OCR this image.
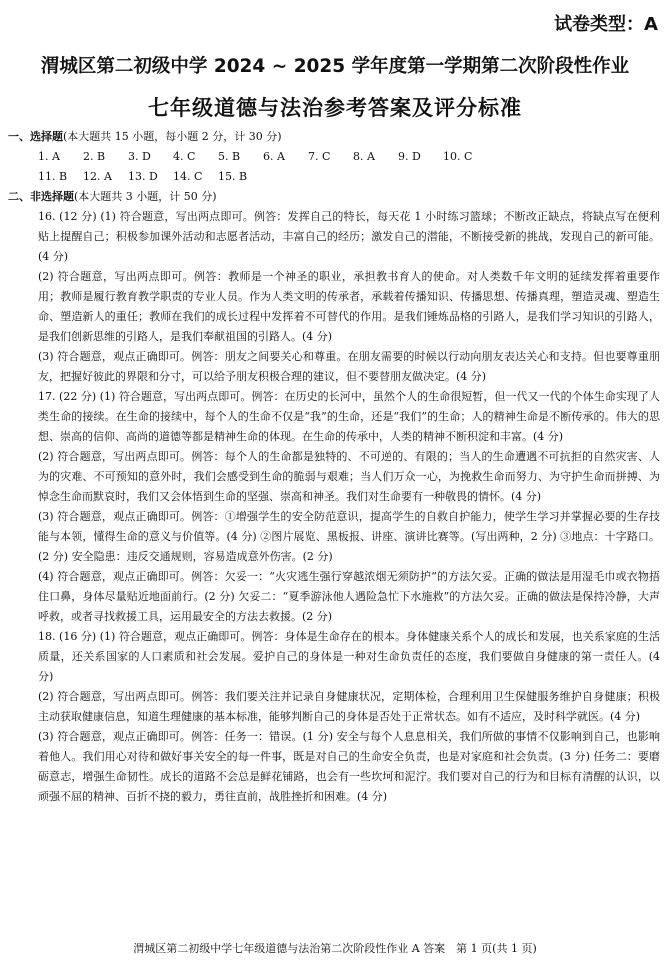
试卷类型：A
渭城区第二初级中学 2024 ~ 2025 学年度第一学期第二次阶段性作业
七年级道德与法治参考答案及评分标准
一、选择题(本大题共 15 小题，每小题 2 分，计 30 分)
1. A	2. B	3. D	4. C	5. B	6. A	7. C	8. A	9. D	10. C
11. B	12. A	13. D	14. C	15. B
二、非选择题(本大题共 3 小题，计 50 分)
16. (12 分) (1) 符合题意，写出两点即可。例答：发挥自己的特长，每天花 1 小时练习篮球；不断改正缺点，将缺点写在便利贴上提醒自己；积极参加课外活动和志愿者活动，丰富自己的经历；激发自己的潜能，不断接受新的挑战，发现自己的新可能。(4 分)
(2) 符合题意，写出两点即可。例答：教师是一个神圣的职业，承担教书育人的使命。对人类数千年文明的延续发挥着重要作用；教师是履行教育教学职责的专业人员。作为人类文明的传承者，承载着传播知识、传播思想、传播真理，塑造灵魂、塑造生命、塑造新人的重任；教师在我们的成长过程中发挥着不可替代的作用。是我们锤炼品格的引路人，是我们学习知识的引路人，是我们创新思维的引路人，是我们奉献祖国的引路人。(4 分)
(3) 符合题意，观点正确即可。例答：朋友之间要关心和尊重。在朋友需要的时候以行动向朋友表达关心和支持。但也要尊重朋友，把握好彼此的界限和分寸，可以给予朋友积极合理的建议，但不要替朋友做决定。(4 分)
17. (22 分) (1) 符合题意，写出两点即可。例答：在历史的长河中，虽然个人的生命很短暂，但一代又一代的个体生命实现了人类生命的接续。在生命的接续中，每个人的生命不仅是“我”的生命，还是“我们”的生命；人的精神生命是不断传承的。伟大的思想、崇高的信仰、高尚的道德等都是精神生命的体现。在生命的传承中，人类的精神不断积淀和丰富。(4 分)
(2) 符合题意，写出两点即可。例答：每个人的生命都是独特的、不可逆的、有限的；当人的生命遭遇不可抗拒的自然灾害、人为的灾难、不可预知的意外时，我们会感受到生命的脆弱与艰难；当人们万众一心，为挽救生命而努力、为守护生命而拼搏、为悼念生命而默哀时，我们又会体悟到生命的坚强、崇高和神圣。我们对生命要有一种敬畏的情怀。(4 分)
(3) 符合题意，观点正确即可。例答：①增强学生的安全防范意识，提高学生的自救自护能力，使学生学习并掌握必要的生存技能与本领，懂得生命的意义与价值等。(4 分) ②图片展览、黑板报、讲座、演讲比赛等。(写出两种，2 分) ③地点：十字路口。(2 分) 安全隐患：违反交通规则，容易造成意外伤害。(2 分)
(4) 符合题意，观点正确即可。例答：欠妥一：“火灾逃生强行穿越浓烟无须防护”的方法欠妥。正确的做法是用湿毛巾或衣物捂住口鼻，身体尽量贴近地面前行。(2 分) 欠妥二：“夏季游泳他人遇险急忙下水施救”的方法欠妥。正确的做法是保持冷静，大声呼救，或者寻找救援工具，运用最安全的方法去救援。(2 分)
18. (16 分) (1) 符合题意，观点正确即可。例答：身体是生命存在的根本。身体健康关系个人的成长和发展，也关系家庭的生活质量，还关系国家的人口素质和社会发展。爱护自己的身体是一种对生命负责任的态度，我们要做自身健康的第一责任人。(4 分)
(2) 符合题意，写出两点即可。例答：我们要关注并记录自身健康状况，定期体检，合理利用卫生保健服务维护自身健康；积极主动获取健康信息，知道生理健康的基本标准，能够判断自己的身体是否处于正常状态。如有不适应，及时科学就医。(4 分)
(3) 符合题意，观点正确即可。例答：任务一：错误。(1 分) 安全与每个人息息相关，我们所做的事情不仅影响到自己，也影响着他人。我们用心对待和做好事关安全的每一件事，既是对自己的生命安全负责，也是对家庭和社会负责。(3 分) 任务二：要磨砺意志，增强生命韧性。成长的道路不会总是鲜花铺路，也会有一些坎坷和泥泞。我们要对自己的行为和目标有清醒的认识，以顽强不屈的精神、百折不挠的毅力，勇往直前，战胜挫折和困难。(4 分)
渭城区第二初级中学七年级道德与法治第二次阶段性作业 A 答案　第 1 页(共 1 页)
